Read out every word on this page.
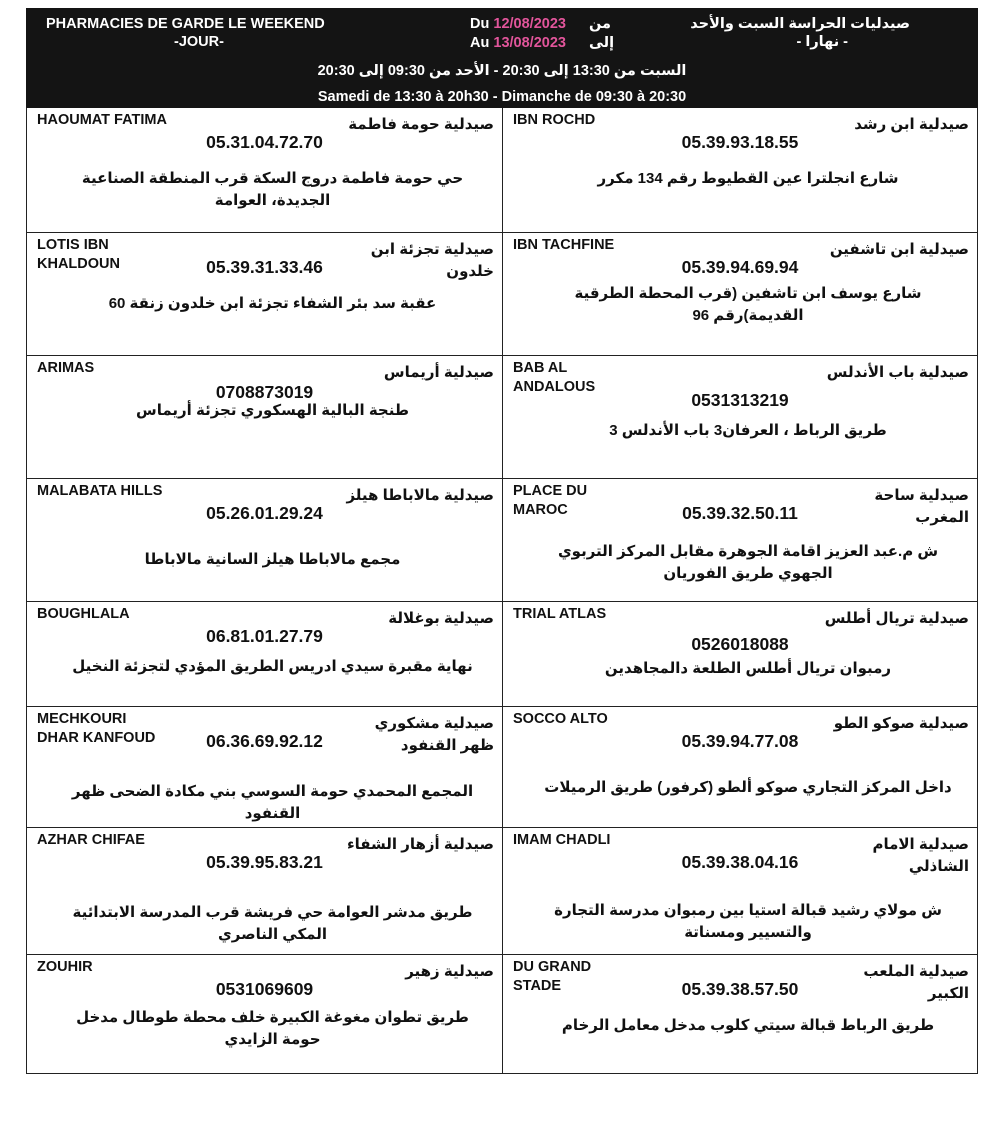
PHARMACIES DE GARDE LE WEEKEND
-JOUR-
صيدليات الحراسة السبت والأحد
- نهارا -
Du 12/08/2023 من
Au 13/08/2023 إلى
السبت من 13:30 إلى 20:30 - الأحد من 09:30 إلى 20:30
Samedi de 13:30 à 20h30 - Dimanche de 09:30 à 20:30
HAOUMAT FATIMA	صيدلية حومة فاطمة
05.31.04.72.70
حي حومة فاطمة دروج السكة قرب المنطقة الصناعية الجديدة، العوامة
IBN ROCHD	صيدلية ابن رشد
05.39.93.18.55
شارع انجلترا عين القطيوط رقم 134 مكرر
LOTIS IBN KHALDOUN
صيدلية تجزئة ابن خلدون
05.39.31.33.46
عقبة سد بئر الشفاء تجزئة ابن خلدون زنقة 60
IBN TACHFINE	صيدلية ابن تاشفين
05.39.94.69.94
شارع يوسف ابن تاشفين (قرب المحطة الطرقية القديمة)رقم 96
ARIMAS	صيدلية أريماس
0708873019
طنجة البالية الهسكوري تجزئة أريماس
BAB AL ANDALOUS
صيدلية باب الأندلس
0531313219
طريق الرباط ، العرفان3 باب الأندلس 3
MALABATA HILLS	صيدلية مالاباطا هيلز
05.26.01.29.24
مجمع مالاباطا هيلز السانية مالاباطا
PLACE DU MAROC
صيدلية ساحة المغرب
05.39.32.50.11
ش م.عبد العزيز اقامة الجوهرة مقابل المركز التربوي الجهوي طريق الفوريان
BOUGHLALA	صيدلية بوغلالة
06.81.01.27.79
نهاية مقبرة سيدي ادريس الطريق المؤدي لتجزئة النخيل
TRIAL ATLAS	صيدلية تريال أطلس
0526018088
رمبوان تريال أطلس الطلعة دالمجاهدين
MECHKOURI DHAR KANFOUD
صيدلية مشكوري ظهر القنفود
06.36.69.92.12
المجمع المحمدي حومة السوسي بني مكادة الضحى ظهر القنفود
SOCCO ALTO	صيدلية صوكو الطو
05.39.94.77.08
داخل المركز التجاري صوكو ألطو (كرفور) طريق الرميلات
AZHAR CHIFAE	صيدلية أزهار الشفاء
05.39.95.83.21
طريق مدشر العوامة حي فريشة قرب المدرسة الابتدائية المكي الناصري
IMAM CHADLI	صيدلية الامام الشاذلي
05.39.38.04.16
ش مولاي رشيد قبالة استيا بين رمبوان مدرسة التجارة والتسيير ومسناتة
ZOUHIR	صيدلية زهير
0531069609
طريق تطوان مغوغة الكبيرة خلف محطة طوطال مدخل حومة الزايدي
DU GRAND STADE
صيدلية الملعب الكبير
05.39.38.57.50
طريق الرباط قبالة سيتي كلوب مدخل معامل الرخام
